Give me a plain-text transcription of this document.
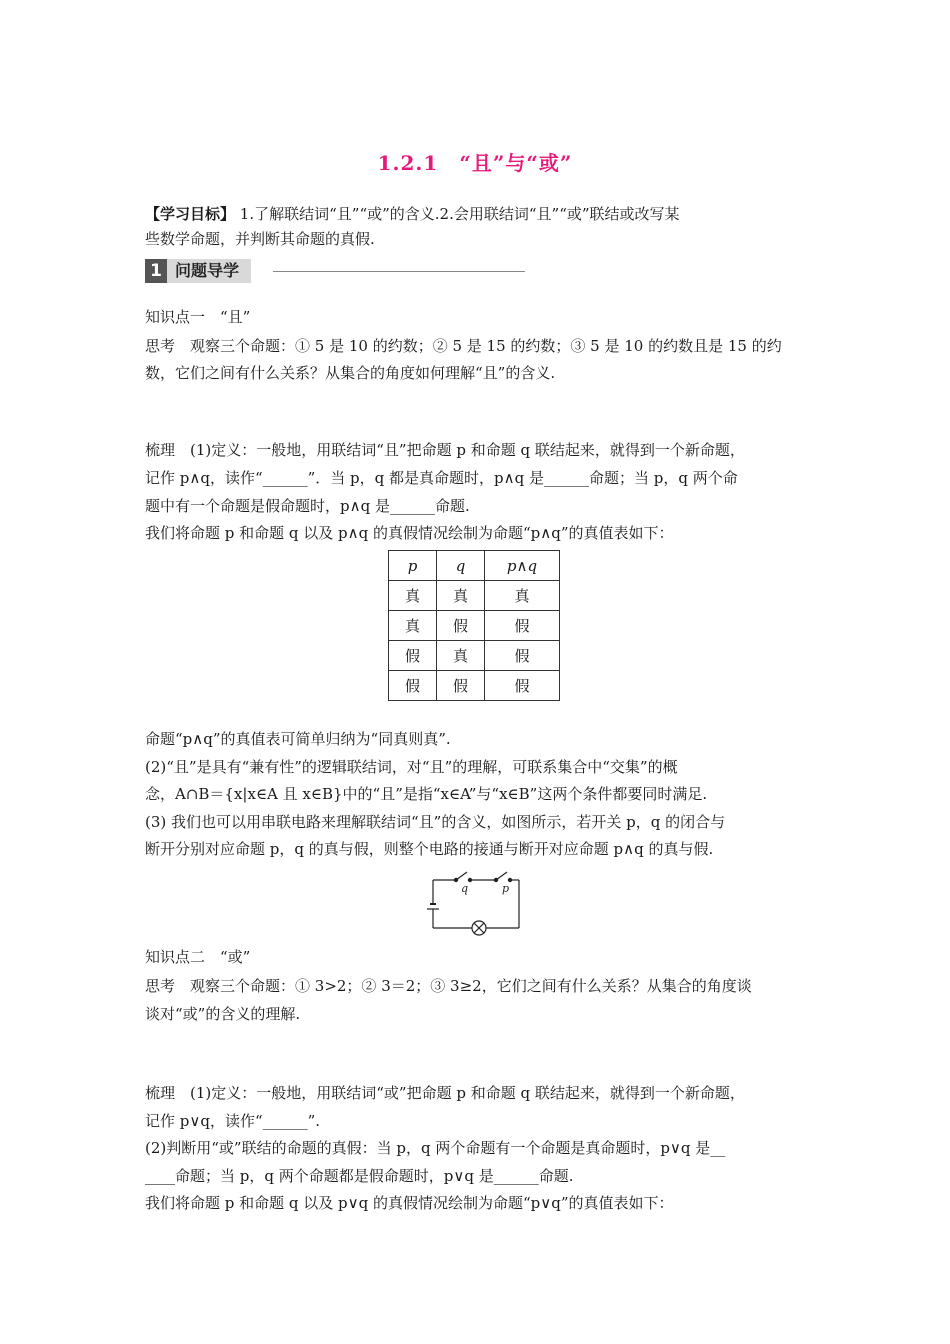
1.2.1　“且”与“或”
【学习目标】 1.了解联结词“且”“或”的含义.2.会用联结词“且”“或”联结或改写某
些数学命题，并判断其命题的真假.
1 问题导学
知识点一　“且”
思考　观察三个命题：① 5 是 10 的约数；② 5 是 15 的约数；③ 5 是 10 的约数且是 15 的约
数，它们之间有什么关系？从集合的角度如何理解“且”的含义.
梳理　(1)定义：一般地，用联结词“且”把命题 p 和命题 q 联结起来，就得到一个新命题，
记作 p∧q，读作“______”．当 p，q 都是真命题时，p∧q 是______命题；当 p，q 两个命
题中有一个命题是假命题时，p∧q 是______命题.
我们将命题 p 和命题 q 以及 p∧q 的真假情况绘制为命题“p∧q”的真值表如下：
p	q	p∧q
真	真	真
真	假	假
假	真	假
假	假	假
命题“p∧q”的真值表可简单归纳为“同真则真”.
(2)“且”是具有“兼有性”的逻辑联结词，对“且”的理解，可联系集合中“交集”的概
念，A∩B＝{x|x∈A 且 x∈B}中的“且”是指“x∈A”与“x∈B”这两个条件都要同时满足.
(3) 我们也可以用串联电路来理解联结词“且”的含义，如图所示，若开关 p，q 的闭合与
断开分别对应命题 p，q 的真与假，则整个电路的接通与断开对应命题 p∧q 的真与假.
q	p
知识点二　“或”
思考　观察三个命题：① 3>2；② 3＝2；③ 3≥2，它们之间有什么关系？从集合的角度谈
谈对“或”的含义的理解.
梳理　(1)定义：一般地，用联结词“或”把命题 p 和命题 q 联结起来，就得到一个新命题，
记作 p∨q，读作“______”.
(2)判断用“或”联结的命题的真假：当 p，q 两个命题有一个命题是真命题时，p∨q 是__
____命题；当 p，q 两个命题都是假命题时，p∨q 是______命题.
我们将命题 p 和命题 q 以及 p∨q 的真假情况绘制为命题“p∨q”的真值表如下：
